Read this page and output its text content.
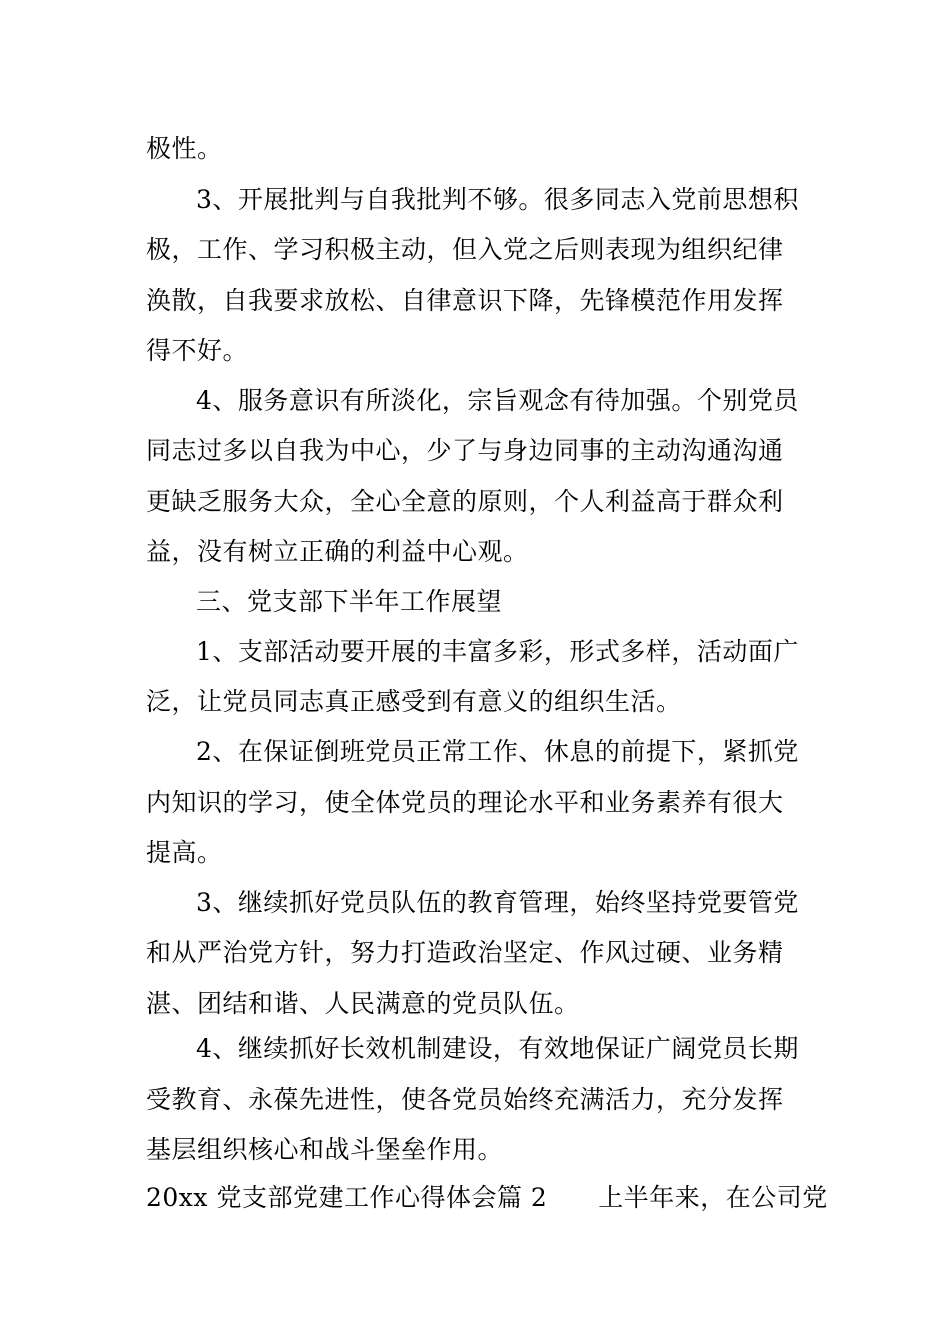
极性。
3、开展批判与自我批判不够。很多同志入党前思想积
极，工作、学习积极主动，但入党之后则表现为组织纪律
涣散，自我要求放松、自律意识下降，先锋模范作用发挥
得不好。
4、服务意识有所淡化，宗旨观念有待加强。个别党员
同志过多以自我为中心，少了与身边同事的主动沟通沟通
更缺乏服务大众，全心全意的原则，个人利益高于群众利
益，没有树立正确的利益中心观。
三、党支部下半年工作展望
1、支部活动要开展的丰富多彩，形式多样，活动面广
泛，让党员同志真正感受到有意义的组织生活。
2、在保证倒班党员正常工作、休息的前提下，紧抓党
内知识的学习，使全体党员的理论水平和业务素养有很大
提高。
3、继续抓好党员队伍的教育管理，始终坚持党要管党
和从严治党方针，努力打造政治坚定、作风过硬、业务精
湛、团结和谐、人民满意的党员队伍。
4、继续抓好长效机制建设，有效地保证广阔党员长期
受教育、永葆先进性，使各党员始终充满活力，充分发挥
基层组织核心和战斗堡垒作用。
20xx 党支部党建工作心得体会篇 2　　上半年来，在公司党
